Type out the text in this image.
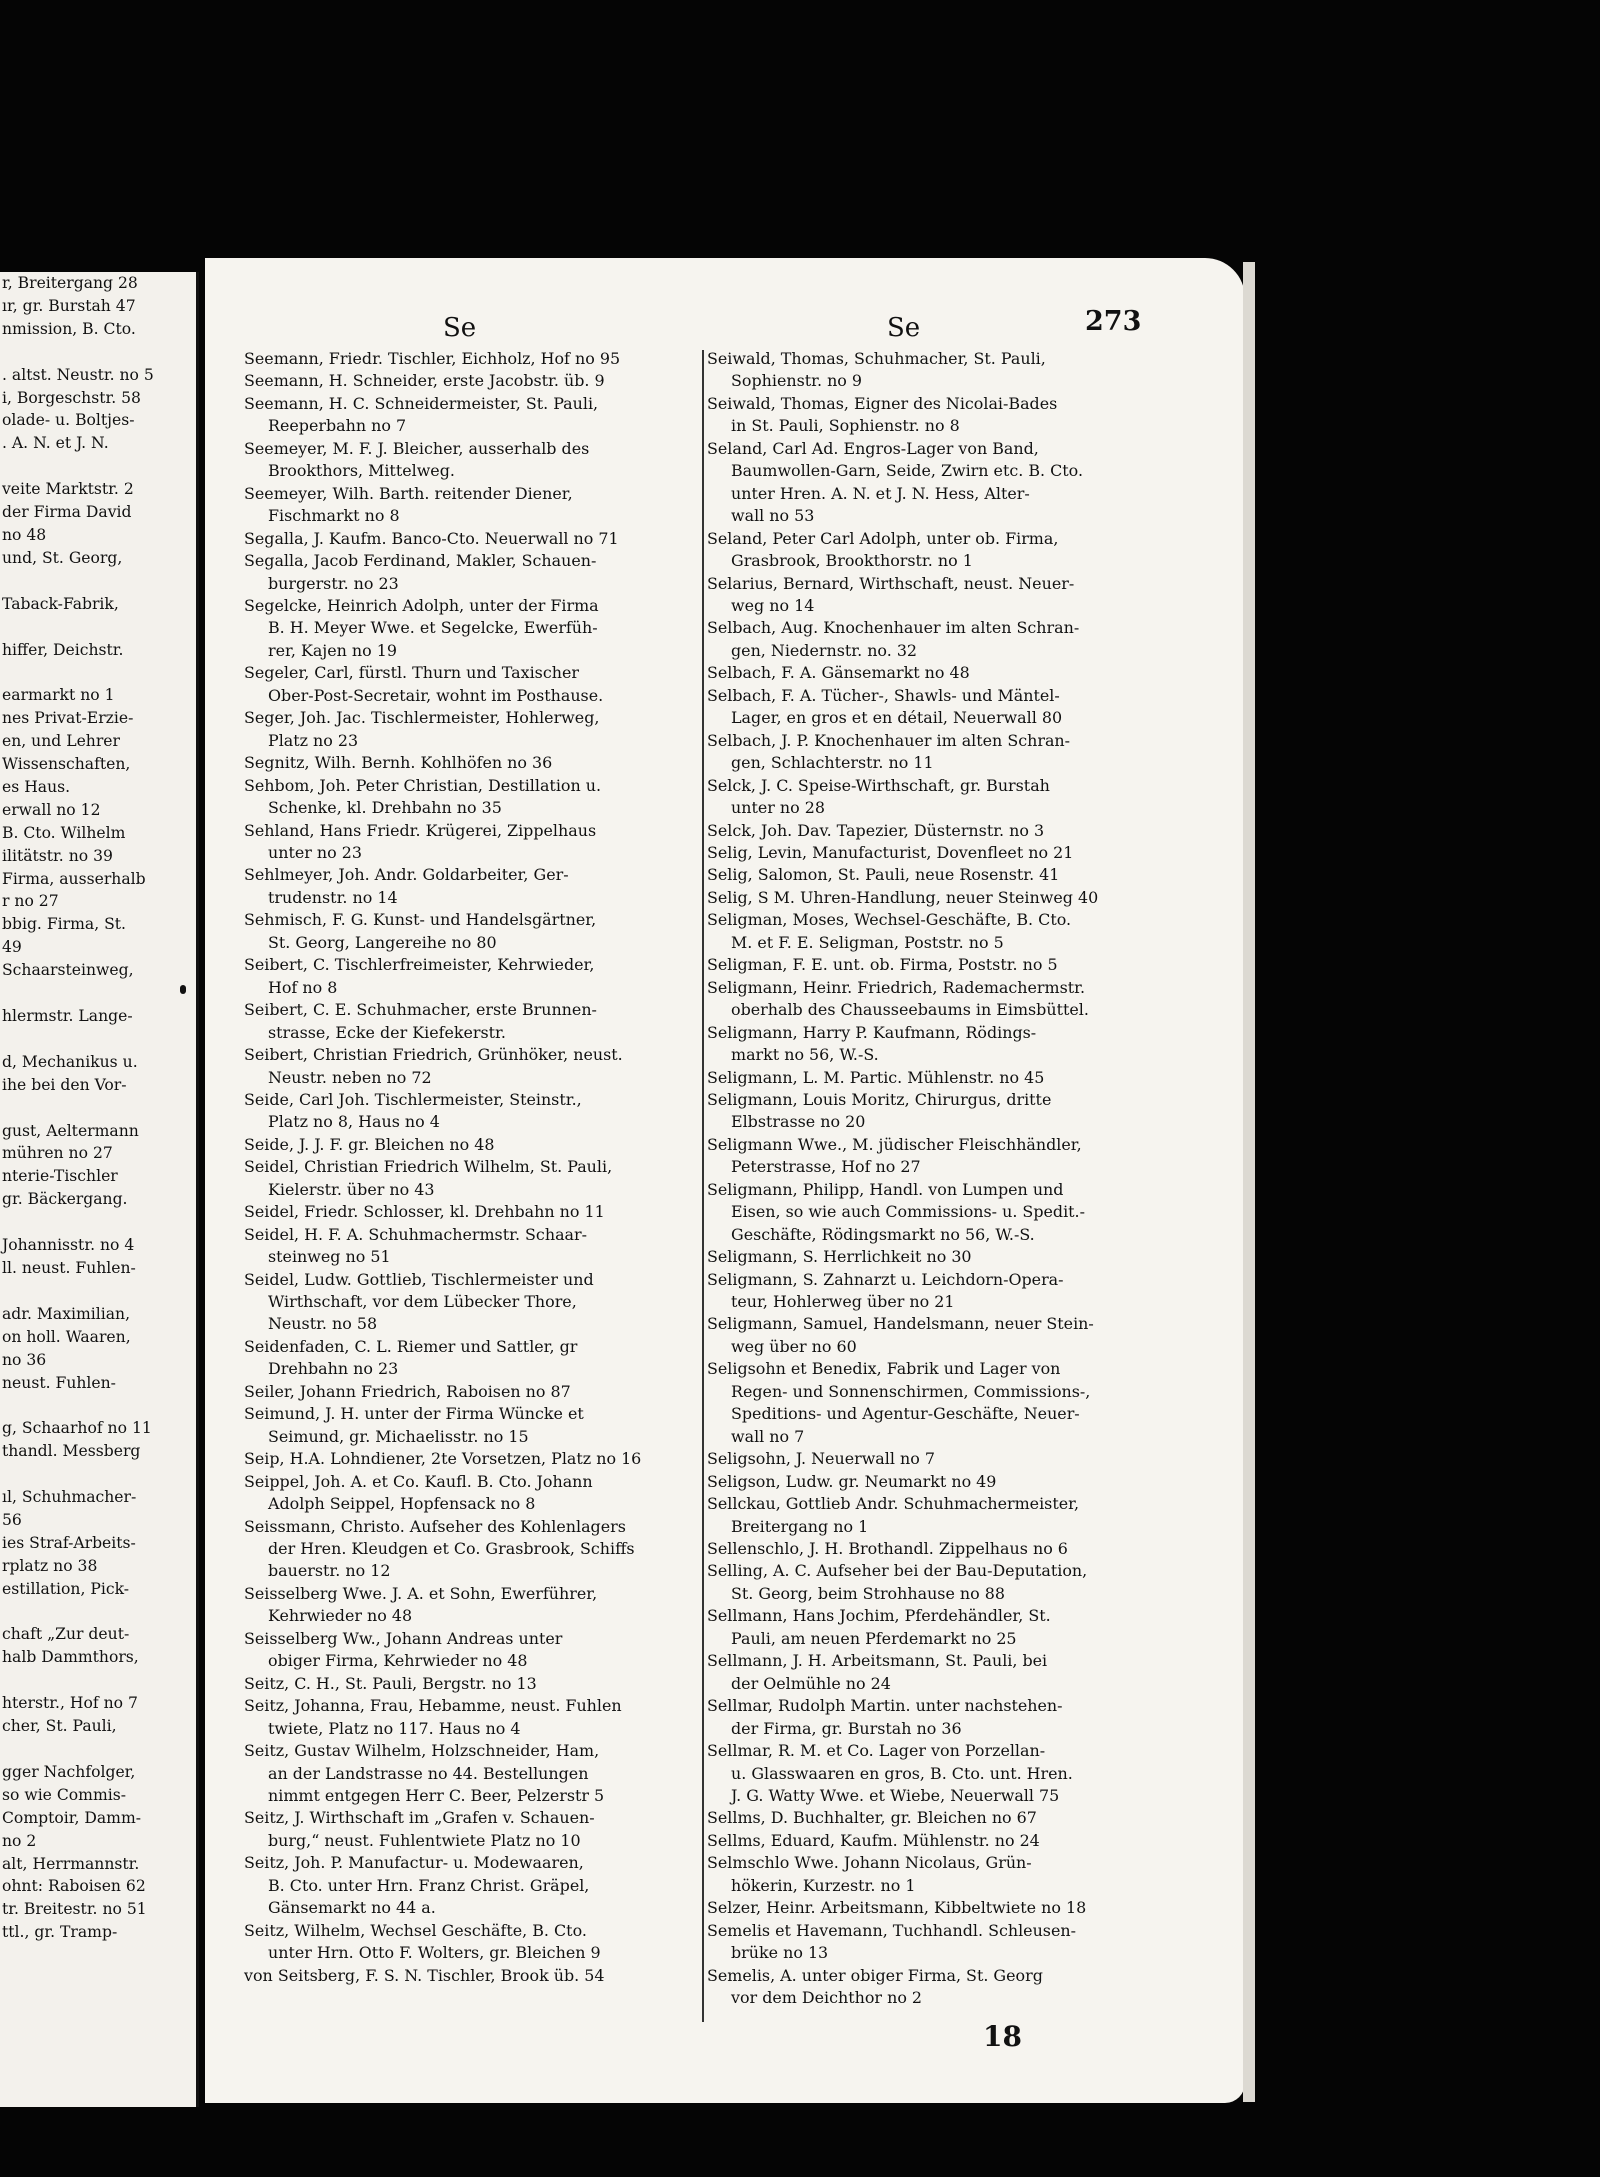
r, Breitergang 28
ır, gr. Burstah 47
nmission, B. Cto.

. altst. Neustr. no 5
i, Borgeschstr. 58
olade- u. Boltjes-
. A. N. et J. N.

veite Marktstr. 2
der Firma David
no 48
und, St. Georg,

Taback-Fabrik,

hiffer, Deichstr.

earmarkt no 1
nes Privat-Erzie-
en, und Lehrer
Wissenschaften,
es Haus.
erwall no 12
B. Cto. Wilhelm
ilitätstr. no 39
Firma, ausserhalb
r no 27
bbig. Firma, St.
49
Schaarsteinweg,

hlermstr. Lange-

d, Mechanikus u.
ihe bei den Vor-

gust, Aeltermann
mühren no 27
nterie-Tischler
gr. Bäckergang.

Johannisstr. no 4
ll. neust. Fuhlen-

adr. Maximilian,
on holl. Waaren,
no 36
neust. Fuhlen-

g, Schaarhof no 11
thandl. Messberg

ıl, Schuhmacher-
56
ies Straf-Arbeits-
rplatz no 38
estillation, Pick-

chaft „Zur deut-
halb Dammthors,

hterstr., Hof no 7
cher, St. Pauli,

gger Nachfolger,
so wie Commis-
Comptoir, Damm-
no 2
alt, Herrmannstr.
ohnt: Raboisen 62
tr. Breitestr. no 51
ttl., gr. Tramp-
Se	Se	273
Seemann, Friedr. Tischler, Eichholz, Hof no 95
Seemann, H. Schneider, erste Jacobstr. üb. 9
Seemann, H. C. Schneidermeister, St. Pauli,
Reeperbahn no 7
Seemeyer, M. F. J. Bleicher, ausserhalb des
Brookthors, Mittelweg.
Seemeyer, Wilh. Barth. reitender Diener,
Fischmarkt no 8
Segalla, J. Kaufm. Banco-Cto. Neuerwall no 71
Segalla, Jacob Ferdinand, Makler, Schauen-
burgerstr. no 23
Segelcke, Heinrich Adolph, unter der Firma
B. H. Meyer Wwe. et Segelcke, Ewerfüh-
rer, Kajen no 19
Segeler, Carl, fürstl. Thurn und Taxischer
Ober-Post-Secretair, wohnt im Posthause.
Seger, Joh. Jac. Tischlermeister, Hohlerweg,
Platz no 23
Segnitz, Wilh. Bernh. Kohlhöfen no 36
Sehbom, Joh. Peter Christian, Destillation u.
Schenke, kl. Drehbahn no 35
Sehland, Hans Friedr. Krügerei, Zippelhaus
unter no 23
Sehlmeyer, Joh. Andr. Goldarbeiter, Ger-
trudenstr. no 14
Sehmisch, F. G. Kunst- und Handelsgärtner,
St. Georg, Langereihe no 80
Seibert, C. Tischlerfreimeister, Kehrwieder,
Hof no 8
Seibert, C. E. Schuhmacher, erste Brunnen-
strasse, Ecke der Kiefekerstr.
Seibert, Christian Friedrich, Grünhöker, neust.
Neustr. neben no 72
Seide, Carl Joh. Tischlermeister, Steinstr.,
Platz no 8, Haus no 4
Seide, J. J. F. gr. Bleichen no 48
Seidel, Christian Friedrich Wilhelm, St. Pauli,
Kielerstr. über no 43
Seidel, Friedr. Schlosser, kl. Drehbahn no 11
Seidel, H. F. A. Schuhmachermstr. Schaar-
steinweg no 51
Seidel, Ludw. Gottlieb, Tischlermeister und
Wirthschaft, vor dem Lübecker Thore,
Neustr. no 58
Seidenfaden, C. L. Riemer und Sattler, gr
Drehbahn no 23
Seiler, Johann Friedrich, Raboisen no 87
Seimund, J. H. unter der Firma Wüncke et
Seimund, gr. Michaelisstr. no 15
Seip, H.A. Lohndiener, 2te Vorsetzen, Platz no 16
Seippel, Joh. A. et Co. Kaufl. B. Cto. Johann
Adolph Seippel, Hopfensack no 8
Seissmann, Christo. Aufseher des Kohlenlagers
der Hren. Kleudgen et Co. Grasbrook, Schiffs
bauerstr. no 12
Seisselberg Wwe. J. A. et Sohn, Ewerführer,
Kehrwieder no 48
Seisselberg Ww., Johann Andreas unter
obiger Firma, Kehrwieder no 48
Seitz, C. H., St. Pauli, Bergstr. no 13
Seitz, Johanna, Frau, Hebamme, neust. Fuhlen
twiete, Platz no 117. Haus no 4
Seitz, Gustav Wilhelm, Holzschneider, Ham,
an der Landstrasse no 44. Bestellungen
nimmt entgegen Herr C. Beer, Pelzerstr 5
Seitz, J. Wirthschaft im „Grafen v. Schauen-
burg,“ neust. Fuhlentwiete Platz no 10
Seitz, Joh. P. Manufactur- u. Modewaaren,
B. Cto. unter Hrn. Franz Christ. Gräpel,
Gänsemarkt no 44 a.
Seitz, Wilhelm, Wechsel Geschäfte, B. Cto.
unter Hrn. Otto F. Wolters, gr. Bleichen 9
von Seitsberg, F. S. N. Tischler, Brook üb. 54
Seiwald, Thomas, Schuhmacher, St. Pauli,
Sophienstr. no 9
Seiwald, Thomas, Eigner des Nicolai-Bades
in St. Pauli, Sophienstr. no 8
Seland, Carl Ad. Engros-Lager von Band,
Baumwollen-Garn, Seide, Zwirn etc. B. Cto.
unter Hren. A. N. et J. N. Hess, Alter-
wall no 53
Seland, Peter Carl Adolph, unter ob. Firma,
Grasbrook, Brookthorstr. no 1
Selarius, Bernard, Wirthschaft, neust. Neuer-
weg no 14
Selbach, Aug. Knochenhauer im alten Schran-
gen, Niedernstr. no. 32
Selbach, F. A. Gänsemarkt no 48
Selbach, F. A. Tücher-, Shawls- und Mäntel-
Lager, en gros et en détail, Neuerwall 80
Selbach, J. P. Knochenhauer im alten Schran-
gen, Schlachterstr. no 11
Selck, J. C. Speise-Wirthschaft, gr. Burstah
unter no 28
Selck, Joh. Dav. Tapezier, Düsternstr. no 3
Selig, Levin, Manufacturist, Dovenfleet no 21
Selig, Salomon, St. Pauli, neue Rosenstr. 41
Selig, S M. Uhren-Handlung, neuer Steinweg 40
Seligman, Moses, Wechsel-Geschäfte, B. Cto.
M. et F. E. Seligman, Poststr. no 5
Seligman, F. E. unt. ob. Firma, Poststr. no 5
Seligmann, Heinr. Friedrich, Rademachermstr.
oberhalb des Chausseebaums in Eimsbüttel.
Seligmann, Harry P. Kaufmann, Rödings-
markt no 56, W.-S.
Seligmann, L. M. Partic. Mühlenstr. no 45
Seligmann, Louis Moritz, Chirurgus, dritte
Elbstrasse no 20
Seligmann Wwe., M. jüdischer Fleischhändler,
Peterstrasse, Hof no 27
Seligmann, Philipp, Handl. von Lumpen und
Eisen, so wie auch Commissions- u. Spedit.-
Geschäfte, Rödingsmarkt no 56, W.-S.
Seligmann, S. Herrlichkeit no 30
Seligmann, S. Zahnarzt u. Leichdorn-Opera-
teur, Hohlerweg über no 21
Seligmann, Samuel, Handelsmann, neuer Stein-
weg über no 60
Seligsohn et Benedix, Fabrik und Lager von
Regen- und Sonnenschirmen, Commissions-,
Speditions- und Agentur-Geschäfte, Neuer-
wall no 7
Seligsohn, J. Neuerwall no 7
Seligson, Ludw. gr. Neumarkt no 49
Sellckau, Gottlieb Andr. Schuhmachermeister,
Breitergang no 1
Sellenschlo, J. H. Brothandl. Zippelhaus no 6
Selling, A. C. Aufseher bei der Bau-Deputation,
St. Georg, beim Strohhause no 88
Sellmann, Hans Jochim, Pferdehändler, St.
Pauli, am neuen Pferdemarkt no 25
Sellmann, J. H. Arbeitsmann, St. Pauli, bei
der Oelmühle no 24
Sellmar, Rudolph Martin. unter nachstehen-
der Firma, gr. Burstah no 36
Sellmar, R. M. et Co. Lager von Porzellan-
u. Glasswaaren en gros, B. Cto. unt. Hren.
J. G. Watty Wwe. et Wiebe, Neuerwall 75
Sellms, D. Buchhalter, gr. Bleichen no 67
Sellms, Eduard, Kaufm. Mühlenstr. no 24
Selmschlo Wwe. Johann Nicolaus, Grün-
hökerin, Kurzestr. no 1
Selzer, Heinr. Arbeitsmann, Kibbeltwiete no 18
Semelis et Havemann, Tuchhandl. Schleusen-
brüke no 13
Semelis, A. unter obiger Firma, St. Georg
vor dem Deichthor no 2
18
